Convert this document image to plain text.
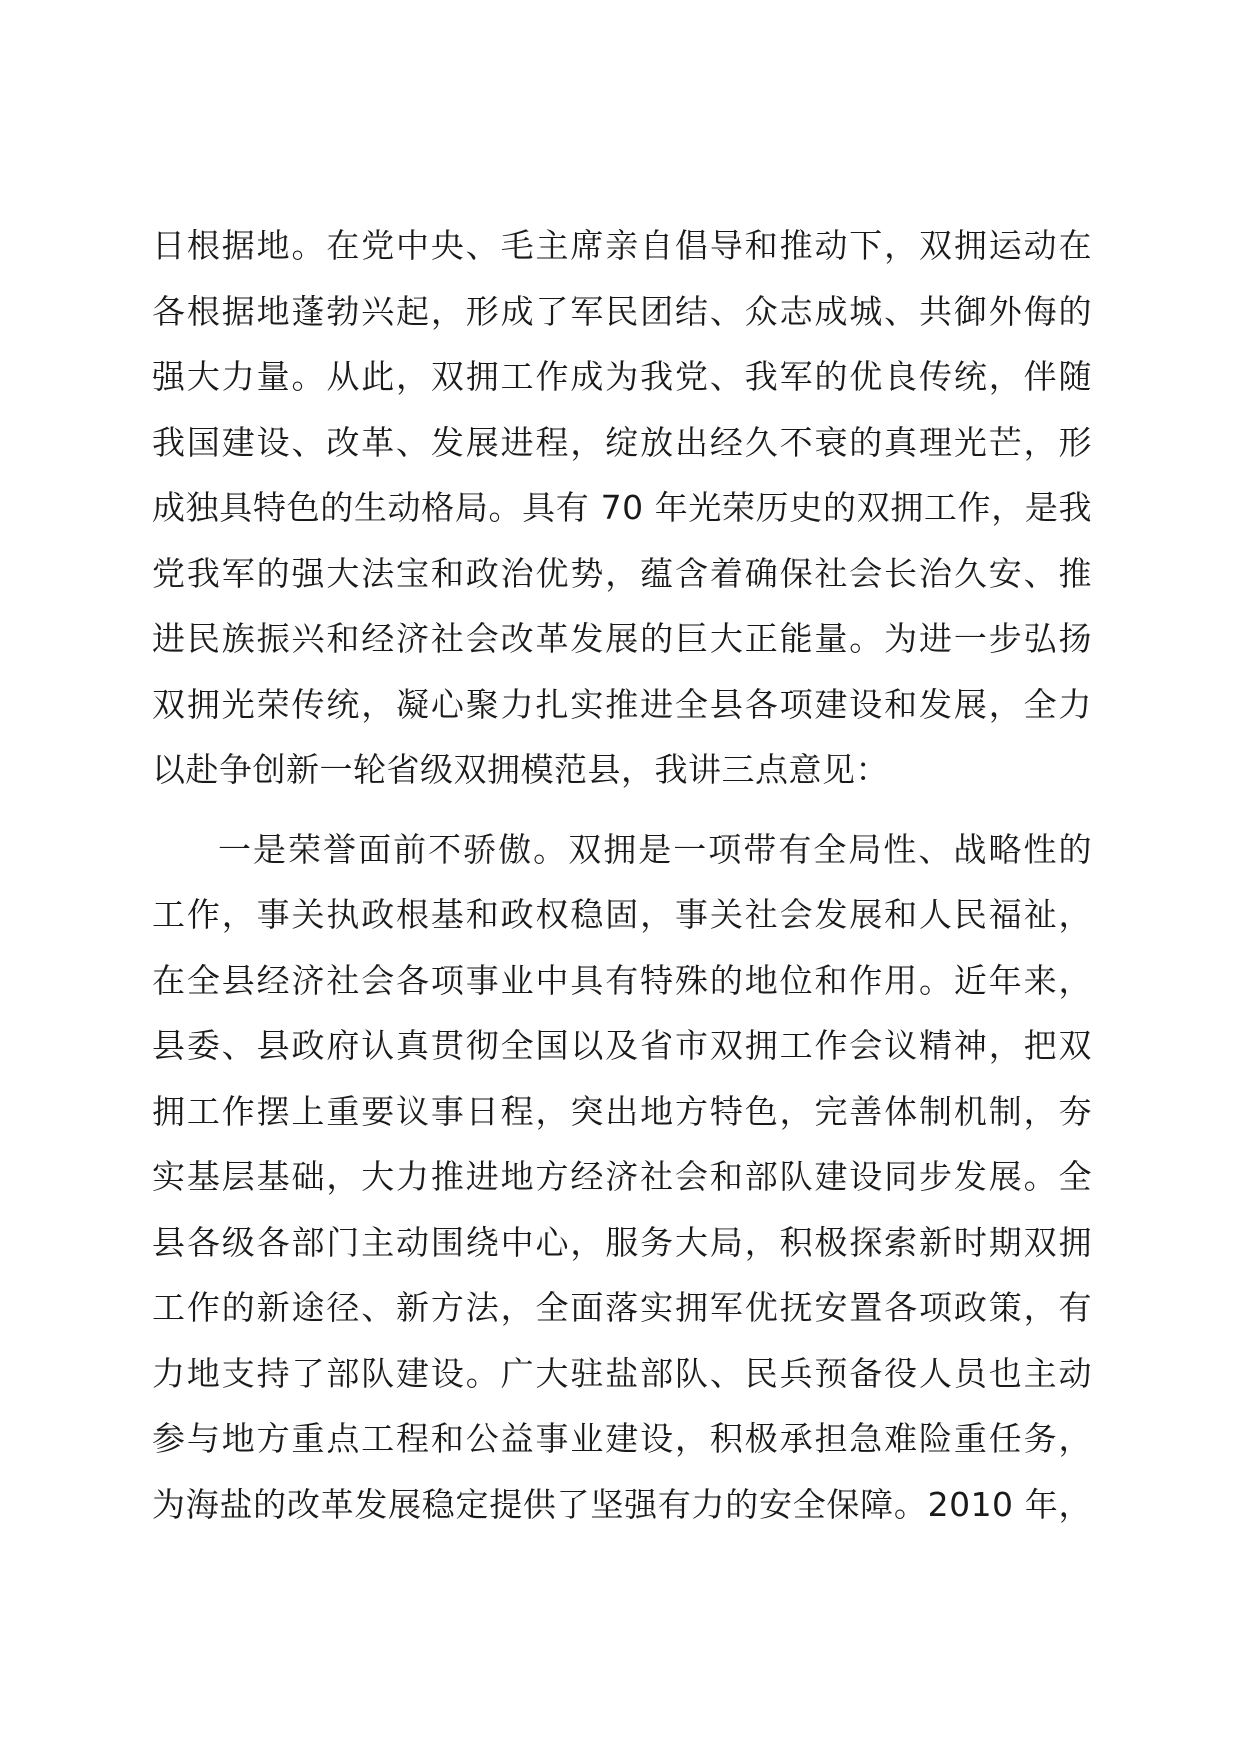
日根据地。在党中央、毛主席亲自倡导和推动下，双拥运动在
各根据地蓬勃兴起，形成了军民团结、众志成城、共御外侮的
强大力量。从此，双拥工作成为我党、我军的优良传统，伴随
我国建设、改革、发展进程，绽放出经久不衰的真理光芒，形
成独具特色的生动格局。具有 70 年光荣历史的双拥工作，是我
党我军的强大法宝和政治优势，蕴含着确保社会长治久安、推
进民族振兴和经济社会改革发展的巨大正能量。为进一步弘扬
双拥光荣传统，凝心聚力扎实推进全县各项建设和发展，全力
以赴争创新一轮省级双拥模范县，我讲三点意见：
一是荣誉面前不骄傲。双拥是一项带有全局性、战略性的
工作，事关执政根基和政权稳固，事关社会发展和人民福祉，
在全县经济社会各项事业中具有特殊的地位和作用。近年来，
县委、县政府认真贯彻全国以及省市双拥工作会议精神，把双
拥工作摆上重要议事日程，突出地方特色，完善体制机制，夯
实基层基础，大力推进地方经济社会和部队建设同步发展。全
县各级各部门主动围绕中心，服务大局，积极探索新时期双拥
工作的新途径、新方法，全面落实拥军优抚安置各项政策，有
力地支持了部队建设。广大驻盐部队、民兵预备役人员也主动
参与地方重点工程和公益事业建设，积极承担急难险重任务，
为海盐的改革发展稳定提供了坚强有力的安全保障。2010 年，
